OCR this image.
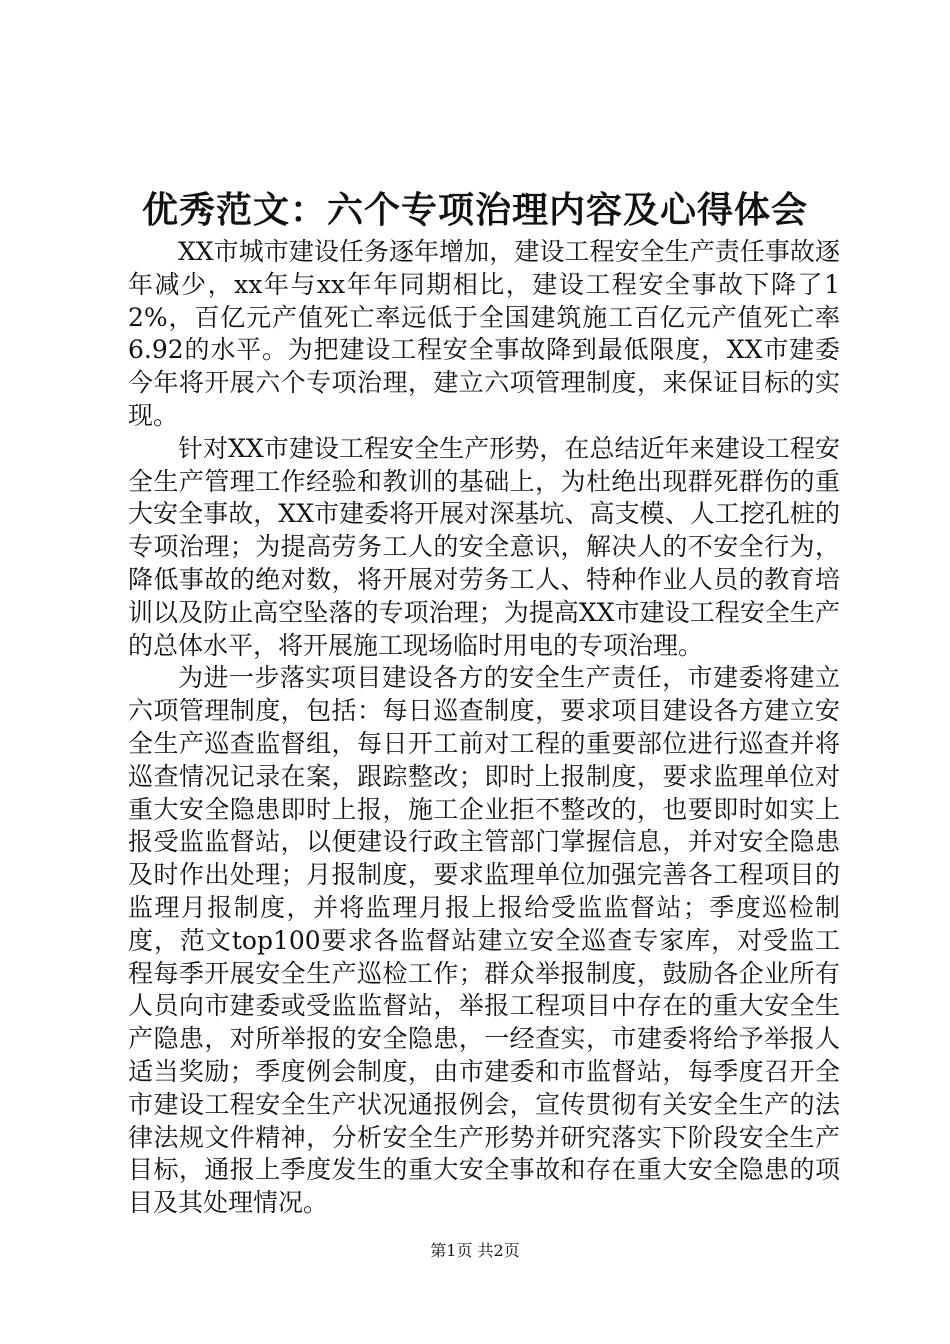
优秀范文：六个专项治理内容及心得体会

XX市城市建设任务逐年增加，建设工程安全生产责任事故逐年减少，xx年与xx年年同期相比，建设工程安全事故下降了12%，百亿元产值死亡率远低于全国建筑施工百亿元产值死亡率6.92的水平。为把建设工程安全事故降到最低限度，XX市建委今年将开展六个专项治理，建立六项管理制度，来保证目标的实现。

针对XX市建设工程安全生产形势，在总结近年来建设工程安全生产管理工作经验和教训的基础上，为杜绝出现群死群伤的重大安全事故，XX市建委将开展对深基坑、高支模、人工挖孔桩的专项治理；为提高劳务工人的安全意识，解决人的不安全行为，降低事故的绝对数，将开展对劳务工人、特种作业人员的教育培训以及防止高空坠落的专项治理；为提高XX市建设工程安全生产的总体水平，将开展施工现场临时用电的专项治理。

为进一步落实项目建设各方的安全生产责任，市建委将建立六项管理制度，包括：每日巡查制度，要求项目建设各方建立安全生产巡查监督组，每日开工前对工程的重要部位进行巡查并将巡查情况记录在案，跟踪整改；即时上报制度，要求监理单位对重大安全隐患即时上报，施工企业拒不整改的，也要即时如实上报受监监督站，以便建设行政主管部门掌握信息，并对安全隐患及时作出处理；月报制度，要求监理单位加强完善各工程项目的监理月报制度，并将监理月报上报给受监监督站；季度巡检制度，范文top100要求各监督站建立安全巡查专家库，对受监工程每季开展安全生产巡检工作；群众举报制度，鼓励各企业所有人员向市建委或受监监督站，举报工程项目中存在的重大安全生产隐患，对所举报的安全隐患，一经查实，市建委将给予举报人适当奖励；季度例会制度，由市建委和市监督站，每季度召开全市建设工程安全生产状况通报例会，宣传贯彻有关安全生产的法律法规文件精神，分析安全生产形势并研究落实下阶段安全生产目标，通报上季度发生的重大安全事故和存在重大安全隐患的项目及其处理情况。

第1页 共2页
